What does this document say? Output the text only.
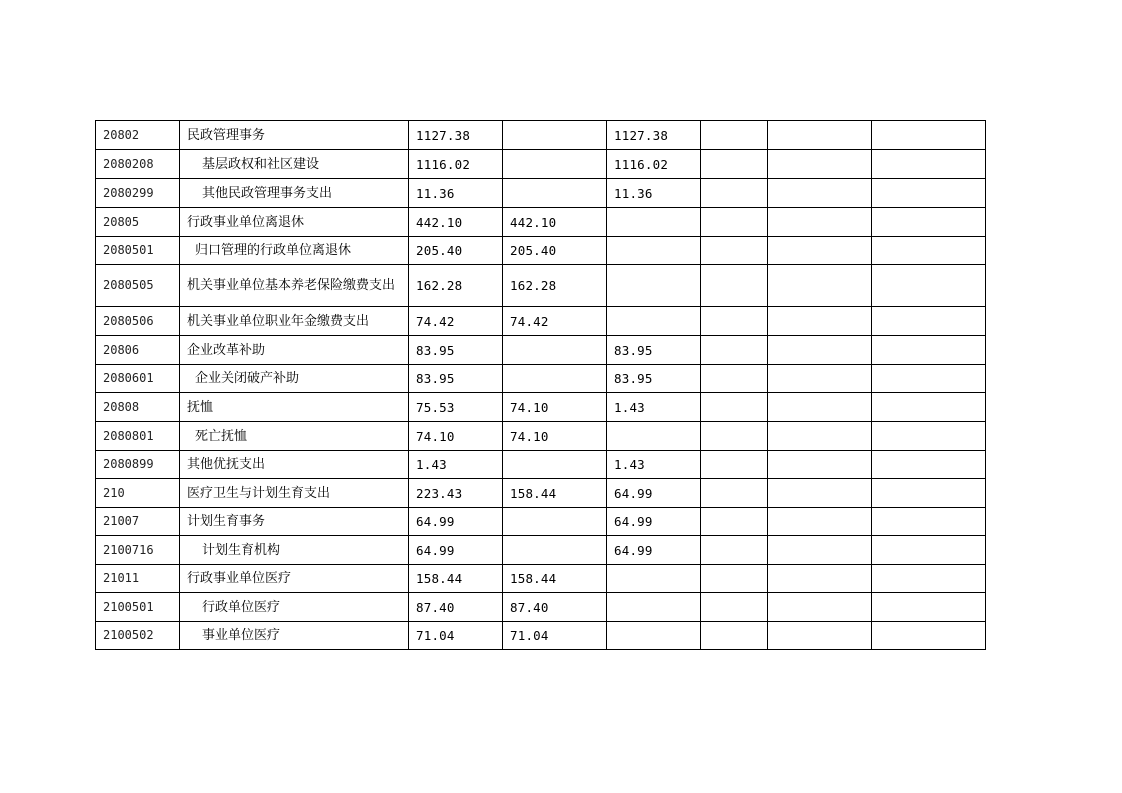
20802	民政管理事务	1127.38		1127.38			
2080208	基层政权和社区建设	1116.02		1116.02			
2080299	其他民政管理事务支出	11.36		11.36			
20805	行政事业单位离退休	442.10	442.10				
2080501	归口管理的行政单位离退休	205.40	205.40				
2080505	机关事业单位基本养老保险缴费支出	162.28	162.28				
2080506	机关事业单位职业年金缴费支出	74.42	74.42				
20806	企业改革补助	83.95		83.95			
2080601	企业关闭破产补助	83.95		83.95			
20808	抚恤	75.53	74.10	1.43			
2080801	死亡抚恤	74.10	74.10				
2080899	其他优抚支出	1.43		1.43			
210	医疗卫生与计划生育支出	223.43	158.44	64.99			
21007	计划生育事务	64.99		64.99			
2100716	计划生育机构	64.99		64.99			
21011	行政事业单位医疗	158.44	158.44				
2100501	行政单位医疗	87.40	87.40				
2100502	事业单位医疗	71.04	71.04				
